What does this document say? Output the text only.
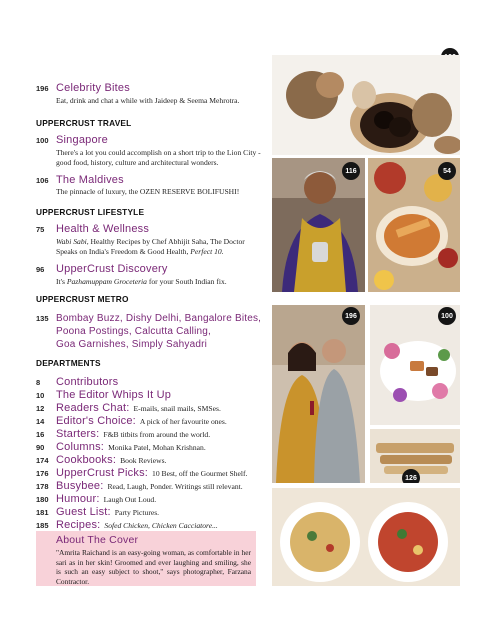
196 Celebrity Bites
Eat, drink and chat a while with Jaideep & Seema Mehrotra.
UPPERCRUST TRAVEL
100 Singapore
There's a lot you could accomplish on a short trip to the Lion City - good food, history, culture and architectural wonders.
106 The Maldives
The pinnacle of luxury, the OZEN RESERVE BOLIFUSHI!
UPPERCRUST LIFESTYLE
75	Health & Wellness
Wabi Sabi, Healthy Recipes by Chef Abhijit Saha, The Doctor Speaks on India's Freedom & Good Health, Perfect 10.
96	UpperCrust Discovery
It's Pazhamuppam Groceteria for your South Indian fix.
UPPERCRUST METRO
135 Bombay Buzz, Dishy Delhi, Bangalore Bites,
Poona Postings, Calcutta Calling,
Goa Garnishes, Simply Sahyadri
DEPARTMENTS
8	Contributors
10	The Editor Whips It Up
12	Readers Chat: E-mails, snail mails, SMSes.
14	Editor's Choice: A pick of her favourite ones.
16	Starters: F&B titbits from around the world.
90	Columns: Monika Patel, Mohan Krishnan.
174 Cookbooks: Book Reviews.
176 UpperCrust Picks: 10 Best, off the Gourmet Shelf.
178 Busybee: Read, Laugh, Ponder. Writings still relevant.
180 Humour: Laugh Out Loud.
181 Guest List: Party Pictures.
185 Recipes: Sofed Chicken, Chicken Cacciatore...
About The Cover
"Amrita Raichand is an easy-going woman, as comfortable in her sari as in her skin! Groomed and ever laughing and smiling, she is such an easy subject to shoot," says photographer, Farzana Contractor.
116	54
196	100
126
